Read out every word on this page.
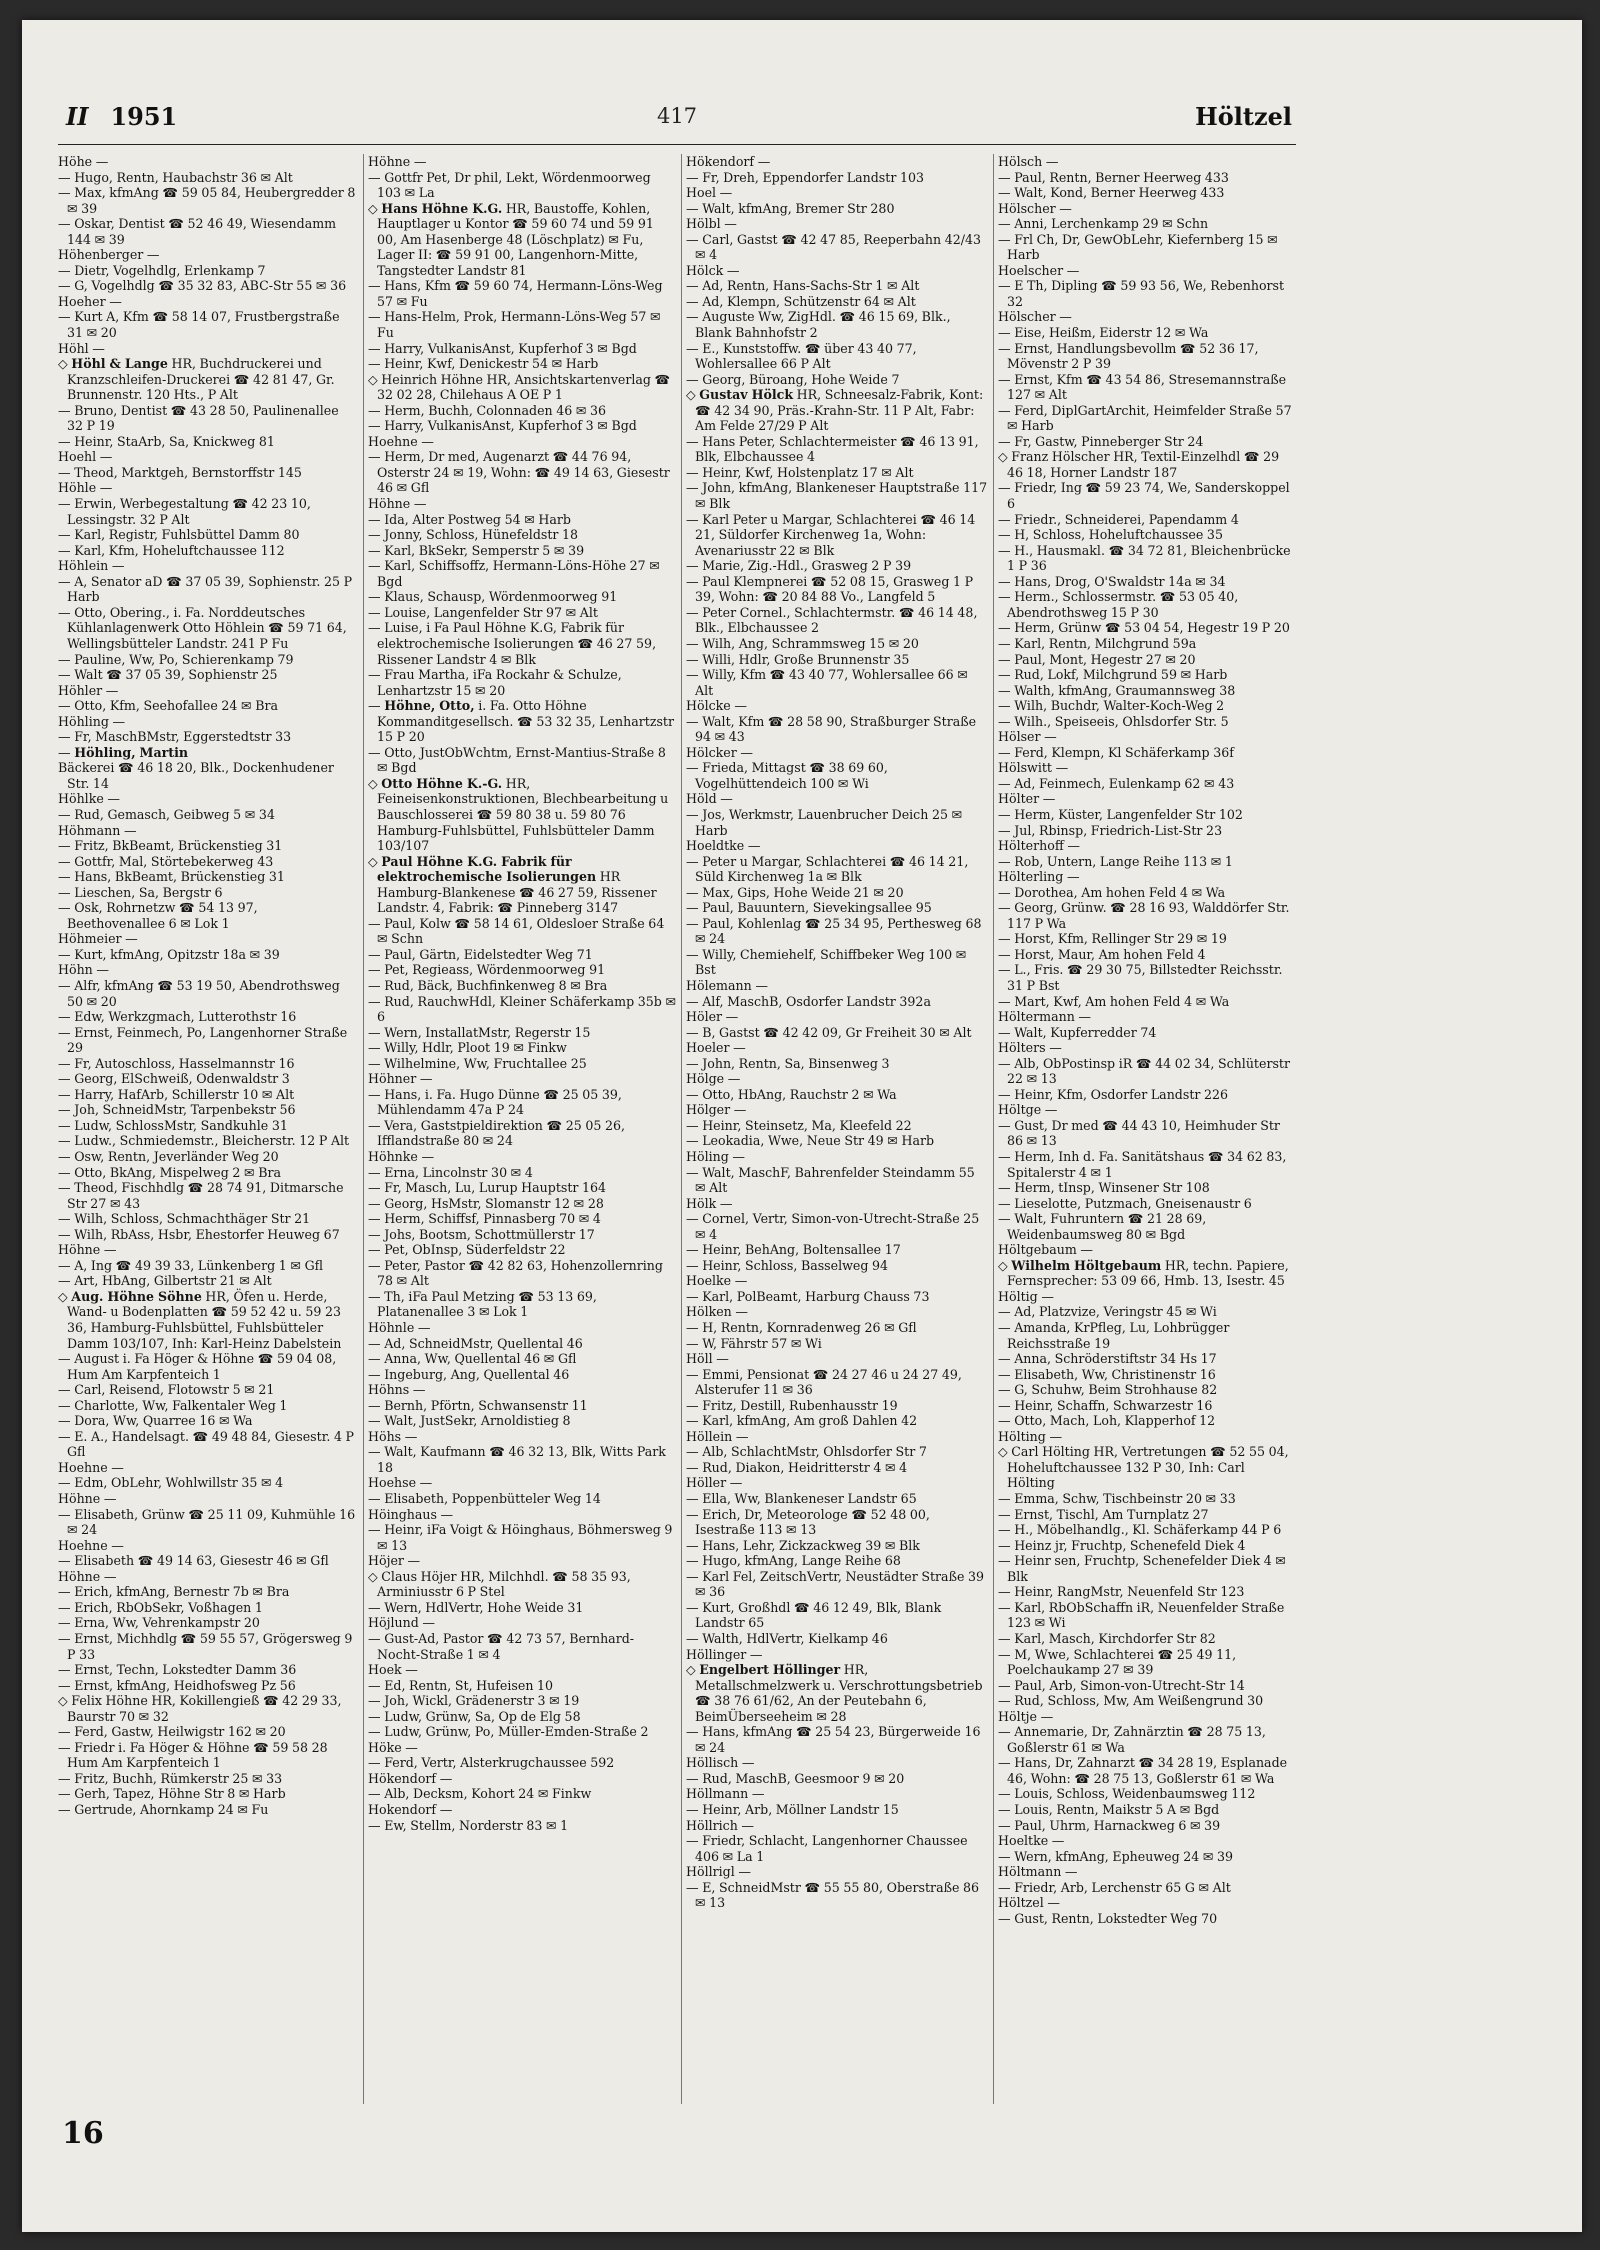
II 1951	417	Höltzel
Höhe —
— Hugo, Rentn, Haubachstr 36 ✉ Alt
— Max, kfmAng ☎ 59 05 84, Heubergredder 8 ✉ 39
— Oskar, Dentist ☎ 52 46 49, Wiesendamm 144 ✉ 39
Höhenberger —
— Dietr, Vogelhdlg, Erlenkamp 7
— G, Vogelhdlg ☎ 35 32 83, ABC-Str 55 ✉ 36
Hoeher —
— Kurt A, Kfm ☎ 58 14 07, Frustbergstraße 31 ✉ 20
Höhl —
◇ Höhl & Lange HR, Buchdruckerei und Kranzschleifen-Druckerei ☎ 42 81 47, Gr. Brunnenstr. 120 Hts., P Alt
— Bruno, Dentist ☎ 43 28 50, Paulinenallee 32 P 19
— Heinr, StaArb, Sa, Knickweg 81
Hoehl —
— Theod, Marktgeh, Bernstorffstr 145
Höhle —
— Erwin, Werbegestaltung ☎ 42 23 10, Lessingstr. 32 P Alt
— Karl, Registr, Fuhlsbüttel Damm 80
— Karl, Kfm, Hoheluftchaussee 112
Höhlein —
— A, Senator aD ☎ 37 05 39, Sophienstr. 25 P Harb
— Otto, Obering., i. Fa. Norddeutsches Kühlanlagenwerk Otto Höhlein ☎ 59 71 64, Wellingsbütteler Landstr. 241 P Fu
— Pauline, Ww, Po, Schierenkamp 79
— Walt ☎ 37 05 39, Sophienstr 25
Höhler —
— Otto, Kfm, Seehofallee 24 ✉ Bra
Höhling —
— Fr, MaschBMstr, Eggerstedtstr 33
— Höhling, Martin
Bäckerei ☎ 46 18 20, Blk., Dockenhudener Str. 14
Höhlke —
— Rud, Gemasch, Geibweg 5 ✉ 34
Höhmann —
— Fritz, BkBeamt, Brückenstieg 31
— Gottfr, Mal, Störtebekerweg 43
— Hans, BkBeamt, Brückenstieg 31
— Lieschen, Sa, Bergstr 6
— Osk, Rohrnetzw ☎ 54 13 97, Beethovenallee 6 ✉ Lok 1
Höhmeier —
— Kurt, kfmAng, Opitzstr 18a ✉ 39
Höhn —
— Alfr, kfmAng ☎ 53 19 50, Abendrothsweg 50 ✉ 20
— Edw, Werkzgmach, Lutterothstr 16
— Ernst, Feinmech, Po, Langenhorner Straße 29
— Fr, Autoschloss, Hasselmannstr 16
— Georg, ElSchweiß, Odenwaldstr 3
— Harry, HafArb, Schillerstr 10 ✉ Alt
— Joh, SchneidMstr, Tarpenbekstr 56
— Ludw, SchlossMstr, Sandkuhle 31
— Ludw., Schmiedemstr., Bleicherstr. 12 P Alt
— Osw, Rentn, Jeverländer Weg 20
— Otto, BkAng, Mispelweg 2 ✉ Bra
— Theod, Fischhdlg ☎ 28 74 91, Ditmarsche Str 27 ✉ 43
— Wilh, Schloss, Schmachthäger Str 21
— Wilh, RbAss, Hsbr, Ehestorfer Heuweg 67
Höhne —
— A, Ing ☎ 49 39 33, Lünkenberg 1 ✉ Gfl
— Art, HbAng, Gilbertstr 21 ✉ Alt
◇ Aug. Höhne Söhne HR, Öfen u. Herde, Wand- u Bodenplatten ☎ 59 52 42 u. 59 23 36, Hamburg-Fuhlsbüttel, Fuhlsbütteler Damm 103/107, Inh: Karl-Heinz Dabelstein
— August i. Fa Höger & Höhne ☎ 59 04 08, Hum Am Karpfenteich 1
— Carl, Reisend, Flotowstr 5 ✉ 21
— Charlotte, Ww, Falkentaler Weg 1
— Dora, Ww, Quarree 16 ✉ Wa
— E. A., Handelsagt. ☎ 49 48 84, Giesestr. 4 P Gfl
Hoehne —
— Edm, ObLehr, Wohlwillstr 35 ✉ 4
Höhne —
— Elisabeth, Grünw ☎ 25 11 09, Kuhmühle 16 ✉ 24
Hoehne —
— Elisabeth ☎ 49 14 63, Giesestr 46 ✉ Gfl
Höhne —
— Erich, kfmAng, Bernestr 7b ✉ Bra
— Erich, RbObSekr, Voßhagen 1
— Erna, Ww, Vehrenkampstr 20
— Ernst, Michhdlg ☎ 59 55 57, Grögersweg 9 P 33
— Ernst, Techn, Lokstedter Damm 36
— Ernst, kfmAng, Heidhofsweg Pz 56
◇ Felix Höhne HR, Kokillengieß ☎ 42 29 33, Baurstr 70 ✉ 32
— Ferd, Gastw, Heilwigstr 162 ✉ 20
— Friedr i. Fa Höger & Höhne ☎ 59 58 28 Hum Am Karpfenteich 1
— Fritz, Buchh, Rümkerstr 25 ✉ 33
— Gerh, Tapez, Höhne Str 8 ✉ Harb
— Gertrude, Ahornkamp 24 ✉ Fu
Höhne —
— Gottfr Pet, Dr phil, Lekt, Wördenmoorweg 103 ✉ La
◇ Hans Höhne K.G. HR, Baustoffe, Kohlen, Hauptlager u Kontor ☎ 59 60 74 und 59 91 00, Am Hasenberge 48 (Löschplatz) ✉ Fu, Lager II: ☎ 59 91 00, Langenhorn-Mitte, Tangstedter Landstr 81
— Hans, Kfm ☎ 59 60 74, Hermann-Löns-Weg 57 ✉ Fu
— Hans-Helm, Prok, Hermann-Löns-Weg 57 ✉ Fu
— Harry, VulkanisAnst, Kupferhof 3 ✉ Bgd
— Heinr, Kwf, Denickestr 54 ✉ Harb
◇ Heinrich Höhne HR, Ansichtskartenverlag ☎ 32 02 28, Chilehaus A OE P 1
— Herm, Buchh, Colonnaden 46 ✉ 36
— Harry, VulkanisAnst, Kupferhof 3 ✉ Bgd
Hoehne —
— Herm, Dr med, Augenarzt ☎ 44 76 94, Osterstr 24 ✉ 19, Wohn: ☎ 49 14 63, Giesestr 46 ✉ Gfl
Höhne —
— Ida, Alter Postweg 54 ✉ Harb
— Jonny, Schloss, Hünefeldstr 18
— Karl, BkSekr, Semperstr 5 ✉ 39
— Karl, Schiffsoffz, Hermann-Löns-Höhe 27 ✉ Bgd
— Klaus, Schausp, Wördenmoorweg 91
— Louise, Langenfelder Str 97 ✉ Alt
— Luise, i Fa Paul Höhne K.G, Fabrik für elektrochemische Isolierungen ☎ 46 27 59, Rissener Landstr 4 ✉ Blk
— Frau Martha, iFa Rockahr & Schulze, Lenhartzstr 15 ✉ 20
— Höhne, Otto, i. Fa. Otto Höhne Kommanditgesellsch. ☎ 53 32 35, Lenhartzstr 15 P 20
— Otto, JustObWchtm, Ernst-Mantius-Straße 8 ✉ Bgd
◇ Otto Höhne K.-G. HR, Feineisenkonstruktionen, Blechbearbeitung u Bauschlosserei ☎ 59 80 38 u. 59 80 76 Hamburg-Fuhlsbüttel, Fuhlsbütteler Damm 103/107
◇ Paul Höhne K.G. Fabrik für elektrochemische Isolierungen HR Hamburg-Blankenese ☎ 46 27 59, Rissener Landstr. 4, Fabrik: ☎ Pinneberg 3147
— Paul, Kolw ☎ 58 14 61, Oldesloer Straße 64 ✉ Schn
— Paul, Gärtn, Eidelstedter Weg 71
— Pet, Regieass, Wördenmoorweg 91
— Rud, Bäck, Buchfinkenweg 8 ✉ Bra
— Rud, RauchwHdl, Kleiner Schäferkamp 35b ✉ 6
— Wern, InstallatMstr, Regerstr 15
— Willy, Hdlr, Ploot 19 ✉ Finkw
— Wilhelmine, Ww, Fruchtallee 25
Höhner —
— Hans, i. Fa. Hugo Dünne ☎ 25 05 39, Mühlendamm 47a P 24
— Vera, Gaststpieldirektion ☎ 25 05 26, Ifflandstraße 80 ✉ 24
Höhnke —
— Erna, Lincolnstr 30 ✉ 4
— Fr, Masch, Lu, Lurup Hauptstr 164
— Georg, HsMstr, Slomanstr 12 ✉ 28
— Herm, Schiffsf, Pinnasberg 70 ✉ 4
— Johs, Bootsm, Schottmüllerstr 17
— Pet, ObInsp, Süderfeldstr 22
— Peter, Pastor ☎ 42 82 63, Hohenzollernring 78 ✉ Alt
— Th, iFa Paul Metzing ☎ 53 13 69, Platanenallee 3 ✉ Lok 1
Höhnle —
— Ad, SchneidMstr, Quellental 46
— Anna, Ww, Quellental 46 ✉ Gfl
— Ingeburg, Ang, Quellental 46
Höhns —
— Bernh, Pförtn, Schwansenstr 11
— Walt, JustSekr, Arnoldistieg 8
Höhs —
— Walt, Kaufmann ☎ 46 32 13, Blk, Witts Park 18
Hoehse —
— Elisabeth, Poppenbütteler Weg 14
Höinghaus —
— Heinr, iFa Voigt & Höinghaus, Böhmersweg 9 ✉ 13
Höjer —
◇ Claus Höjer HR, Milchhdl. ☎ 58 35 93, Arminiusstr 6 P Stel
— Wern, HdlVertr, Hohe Weide 31
Höjlund —
— Gust-Ad, Pastor ☎ 42 73 57, Bernhard-Nocht-Straße 1 ✉ 4
Hoek —
— Ed, Rentn, St, Hufeisen 10
— Joh, Wickl, Grädenerstr 3 ✉ 19
— Ludw, Grünw, Sa, Op de Elg 58
— Ludw, Grünw, Po, Müller-Emden-Straße 2
Höke —
— Ferd, Vertr, Alsterkrugchaussee 592
Hökendorf —
— Alb, Decksm, Kohort 24 ✉ Finkw
Hokendorf —
— Ew, Stellm, Norderstr 83 ✉ 1
Hökendorf —
— Fr, Dreh, Eppendorfer Landstr 103
Hoel —
— Walt, kfmAng, Bremer Str 280
Hölbl —
— Carl, Gastst ☎ 42 47 85, Reeperbahn 42/43 ✉ 4
Hölck —
— Ad, Rentn, Hans-Sachs-Str 1 ✉ Alt
— Ad, Klempn, Schützenstr 64 ✉ Alt
— Auguste Ww, ZigHdl. ☎ 46 15 69, Blk., Blank Bahnhofstr 2
— E., Kunststoffw. ☎ über 43 40 77, Wohlersallee 66 P Alt
— Georg, Büroang, Hohe Weide 7
◇ Gustav Hölck HR, Schneesalz-Fabrik, Kont: ☎ 42 34 90, Präs.-Krahn-Str. 11 P Alt, Fabr: Am Felde 27/29 P Alt
— Hans Peter, Schlachtermeister ☎ 46 13 91, Blk, Elbchaussee 4
— Heinr, Kwf, Holstenplatz 17 ✉ Alt
— John, kfmAng, Blankeneser Hauptstraße 117 ✉ Blk
— Karl Peter u Margar, Schlachterei ☎ 46 14 21, Süldorfer Kirchenweg 1a, Wohn: Avenariusstr 22 ✉ Blk
— Marie, Zig.-Hdl., Grasweg 2 P 39
— Paul Klempnerei ☎ 52 08 15, Grasweg 1 P 39, Wohn: ☎ 20 84 88 Vo., Langfeld 5
— Peter Cornel., Schlachtermstr. ☎ 46 14 48, Blk., Elbchaussee 2
— Wilh, Ang, Schrammsweg 15 ✉ 20
— Willi, Hdlr, Große Brunnenstr 35
— Willy, Kfm ☎ 43 40 77, Wohlersallee 66 ✉ Alt
Hölcke —
— Walt, Kfm ☎ 28 58 90, Straßburger Straße 94 ✉ 43
Hölcker —
— Frieda, Mittagst ☎ 38 69 60, Vogelhüttendeich 100 ✉ Wi
Höld —
— Jos, Werkmstr, Lauenbrucher Deich 25 ✉ Harb
Hoeldtke —
— Peter u Margar, Schlachterei ☎ 46 14 21, Süld Kirchenweg 1a ✉ Blk
— Max, Gips, Hohe Weide 21 ✉ 20
— Paul, Bauuntern, Sievekingsallee 95
— Paul, Kohlenlag ☎ 25 34 95, Perthesweg 68 ✉ 24
— Willy, Chemiehelf, Schiffbeker Weg 100 ✉ Bst
Hölemann —
— Alf, MaschB, Osdorfer Landstr 392a
Höler —
— B, Gastst ☎ 42 42 09, Gr Freiheit 30 ✉ Alt
Hoeler —
— John, Rentn, Sa, Binsenweg 3
Hölge —
— Otto, HbAng, Rauchstr 2 ✉ Wa
Hölger —
— Heinr, Steinsetz, Ma, Kleefeld 22
— Leokadia, Wwe, Neue Str 49 ✉ Harb
Höling —
— Walt, MaschF, Bahrenfelder Steindamm 55 ✉ Alt
Hölk —
— Cornel, Vertr, Simon-von-Utrecht-Straße 25 ✉ 4
— Heinr, BehAng, Boltensallee 17
— Heinr, Schloss, Basselweg 94
Hoelke —
— Karl, PolBeamt, Harburg Chauss 73
Hölken —
— H, Rentn, Kornradenweg 26 ✉ Gfl
— W, Fährstr 57 ✉ Wi
Höll —
— Emmi, Pensionat ☎ 24 27 46 u 24 27 49, Alsterufer 11 ✉ 36
— Fritz, Destill, Rubenhausstr 19
— Karl, kfmAng, Am groß Dahlen 42
Höllein —
— Alb, SchlachtMstr, Ohlsdorfer Str 7
— Rud, Diakon, Heidritterstr 4 ✉ 4
Höller —
— Ella, Ww, Blankeneser Landstr 65
— Erich, Dr, Meteorologe ☎ 52 48 00, Isestraße 113 ✉ 13
— Hans, Lehr, Zickzackweg 39 ✉ Blk
— Hugo, kfmAng, Lange Reihe 68
— Karl Fel, ZeitschVertr, Neustädter Straße 39 ✉ 36
— Kurt, Großhdl ☎ 46 12 49, Blk, Blank Landstr 65
— Walth, HdlVertr, Kielkamp 46
Höllinger —
◇ Engelbert Höllinger HR, Metallschmelzwerk u. Verschrottungsbetrieb ☎ 38 76 61/62, An der Peutebahn 6, BeimÜberseeheim ✉ 28
— Hans, kfmAng ☎ 25 54 23, Bürgerweide 16 ✉ 24
Höllisch —
— Rud, MaschB, Geesmoor 9 ✉ 20
Höllmann —
— Heinr, Arb, Möllner Landstr 15
Höllrich —
— Friedr, Schlacht, Langenhorner Chaussee 406 ✉ La 1
Höllrigl —
— E, SchneidMstr ☎ 55 55 80, Oberstraße 86 ✉ 13
Hölsch —
— Paul, Rentn, Berner Heerweg 433
— Walt, Kond, Berner Heerweg 433
Hölscher —
— Anni, Lerchenkamp 29 ✉ Schn
— Frl Ch, Dr, GewObLehr, Kiefernberg 15 ✉ Harb
Hoelscher —
— E Th, Dipling ☎ 59 93 56, We, Rebenhorst 32
Hölscher —
— Eise, Heißm, Eiderstr 12 ✉ Wa
— Ernst, Handlungsbevollm ☎ 52 36 17, Mövenstr 2 P 39
— Ernst, Kfm ☎ 43 54 86, Stresemannstraße 127 ✉ Alt
— Ferd, DiplGartArchit, Heimfelder Straße 57 ✉ Harb
— Fr, Gastw, Pinneberger Str 24
◇ Franz Hölscher HR, Textil-Einzelhdl ☎ 29 46 18, Horner Landstr 187
— Friedr, Ing ☎ 59 23 74, We, Sanderskoppel 6
— Friedr., Schneiderei, Papendamm 4
— H, Schloss, Hoheluftchaussee 35
— H., Hausmakl. ☎ 34 72 81, Bleichenbrücke 1 P 36
— Hans, Drog, O'Swaldstr 14a ✉ 34
— Herm., Schlossermstr. ☎ 53 05 40, Abendrothsweg 15 P 30
— Herm, Grünw ☎ 53 04 54, Hegestr 19 P 20
— Karl, Rentn, Milchgrund 59a
— Paul, Mont, Hegestr 27 ✉ 20
— Rud, Lokf, Milchgrund 59 ✉ Harb
— Walth, kfmAng, Graumannsweg 38
— Wilh, Buchdr, Walter-Koch-Weg 2
— Wilh., Speiseeis, Ohlsdorfer Str. 5
Hölser —
— Ferd, Klempn, Kl Schäferkamp 36f
Hölswitt —
— Ad, Feinmech, Eulenkamp 62 ✉ 43
Hölter —
— Herm, Küster, Langenfelder Str 102
— Jul, Rbinsp, Friedrich-List-Str 23
Hölterhoff —
— Rob, Untern, Lange Reihe 113 ✉ 1
Hölterling —
— Dorothea, Am hohen Feld 4 ✉ Wa
— Georg, Grünw. ☎ 28 16 93, Walddörfer Str. 117 P Wa
— Horst, Kfm, Rellinger Str 29 ✉ 19
— Horst, Maur, Am hohen Feld 4
— L., Fris. ☎ 29 30 75, Billstedter Reichsstr. 31 P Bst
— Mart, Kwf, Am hohen Feld 4 ✉ Wa
Höltermann —
— Walt, Kupferredder 74
Hölters —
— Alb, ObPostinsp iR ☎ 44 02 34, Schlüterstr 22 ✉ 13
— Heinr, Kfm, Osdorfer Landstr 226
Höltge —
— Gust, Dr med ☎ 44 43 10, Heimhuder Str 86 ✉ 13
— Herm, Inh d. Fa. Sanitätshaus ☎ 34 62 83, Spitalerstr 4 ✉ 1
— Herm, tInsp, Winsener Str 108
— Lieselotte, Putzmach, Gneisenaustr 6
— Walt, Fuhruntern ☎ 21 28 69, Weidenbaumsweg 80 ✉ Bgd
Höltgebaum —
◇ Wilhelm Höltgebaum HR, techn. Papiere, Fernsprecher: 53 09 66, Hmb. 13, Isestr. 45
Höltig —
— Ad, Platzvize, Veringstr 45 ✉ Wi
— Amanda, KrPfleg, Lu, Lohbrügger Reichsstraße 19
— Anna, Schröderstiftstr 34 Hs 17
— Elisabeth, Ww, Christinenstr 16
— G, Schuhw, Beim Strohhause 82
— Heinr, Schaffn, Schwarzestr 16
— Otto, Mach, Loh, Klapperhof 12
Hölting —
◇ Carl Hölting HR, Vertretungen ☎ 52 55 04, Hoheluftchaussee 132 P 30, Inh: Carl Hölting
— Emma, Schw, Tischbeinstr 20 ✉ 33
— Ernst, Tischl, Am Turnplatz 27
— H., Möbelhandlg., Kl. Schäferkamp 44 P 6
— Heinz jr, Fruchtp, Schenefeld Diek 4
— Heinr sen, Fruchtp, Schenefelder Diek 4 ✉ Blk
— Heinr, RangMstr, Neuenfeld Str 123
— Karl, RbObSchaffn iR, Neuenfelder Straße 123 ✉ Wi
— Karl, Masch, Kirchdorfer Str 82
— M, Wwe, Schlachterei ☎ 25 49 11, Poelchaukamp 27 ✉ 39
— Paul, Arb, Simon-von-Utrecht-Str 14
— Rud, Schloss, Mw, Am Weißengrund 30
Höltje —
— Annemarie, Dr, Zahnärztin ☎ 28 75 13, Goßlerstr 61 ✉ Wa
— Hans, Dr, Zahnarzt ☎ 34 28 19, Esplanade 46, Wohn: ☎ 28 75 13, Goßlerstr 61 ✉ Wa
— Louis, Schloss, Weidenbaumsweg 112
— Louis, Rentn, Maikstr 5 A ✉ Bgd
— Paul, Uhrm, Harnackweg 6 ✉ 39
Hoeltke —
— Wern, kfmAng, Epheuweg 24 ✉ 39
Höltmann —
— Friedr, Arb, Lerchenstr 65 G ✉ Alt
Höltzel —
— Gust, Rentn, Lokstedter Weg 70
16
